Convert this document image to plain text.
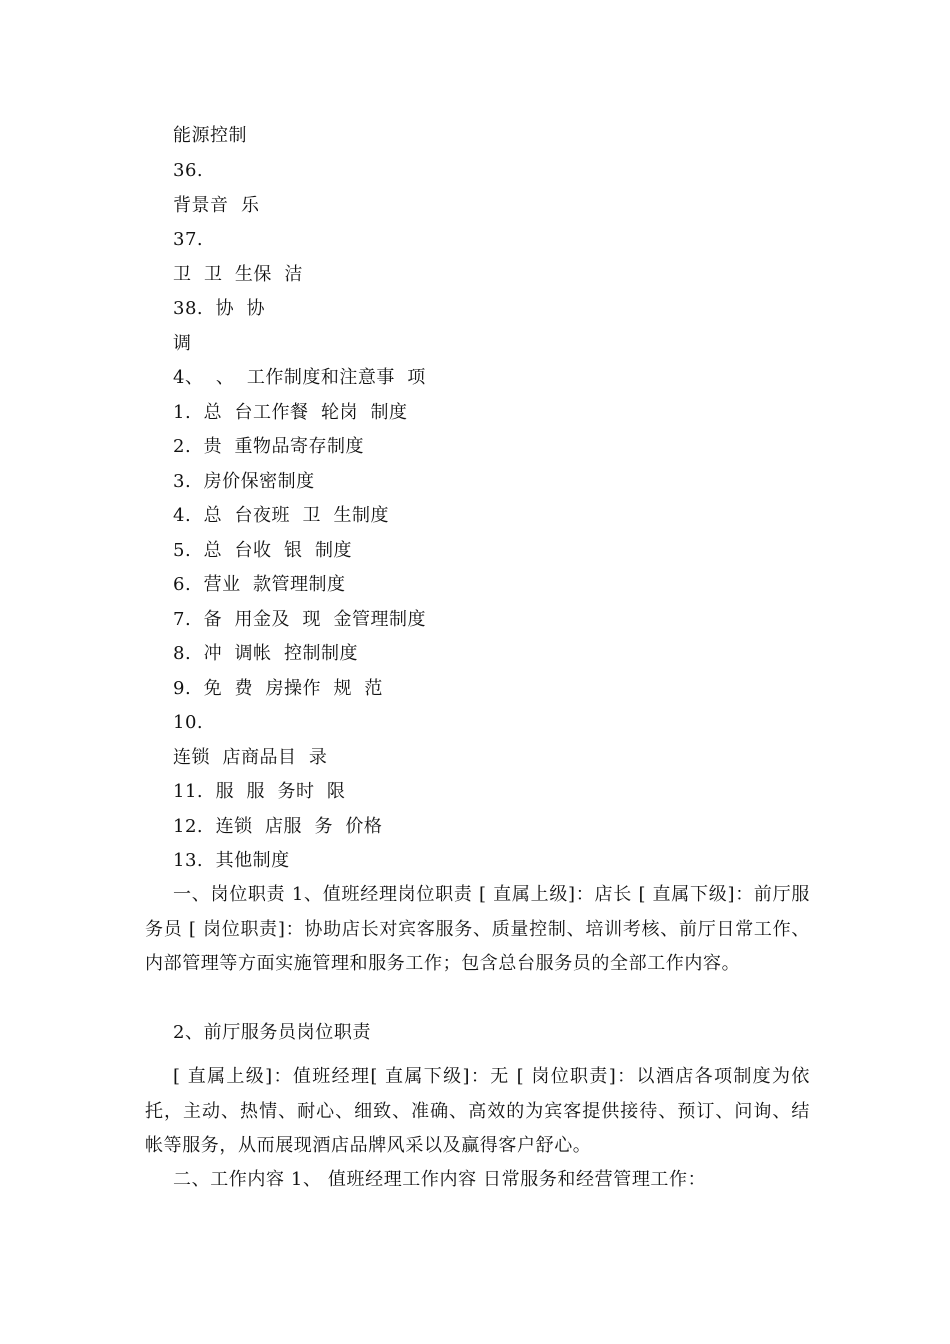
能源控制
36.
背景音  乐
37.
卫  卫  生保  洁
38.  协  协
调
4、  、  工作制度和注意事  项
1.  总  台工作餐  轮岗  制度
2.  贵  重物品寄存制度
3.  房价保密制度
4.  总  台夜班  卫  生制度
5.  总  台收  银  制度
6.  营业  款管理制度
7.  备  用金及  现  金管理制度
8.  冲  调帐  控制制度
9.  免  费  房操作  规  范
10.
连锁  店商品目  录
11.  服  服  务时  限
12.  连锁  店服  务  价格
13.  其他制度
一、岗位职责 1、值班经理岗位职责 [ 直属上级]：店长 [ 直属下级]：前厅服务员 [ 岗位职责]：协助店长对宾客服务、质量控制、培训考核、前厅日常工作、内部管理等方面实施管理和服务工作；包含总台服务员的全部工作内容。
2、前厅服务员岗位职责
[ 直属上级]：值班经理[ 直属下级]：无 [ 岗位职责]：以酒店各项制度为依托，主动、热情、耐心、细致、准确、高效的为宾客提供接待、预订、问询、结帐等服务，从而展现酒店品牌风采以及赢得客户舒心。
二、工作内容 1、 值班经理工作内容 日常服务和经营管理工作：
